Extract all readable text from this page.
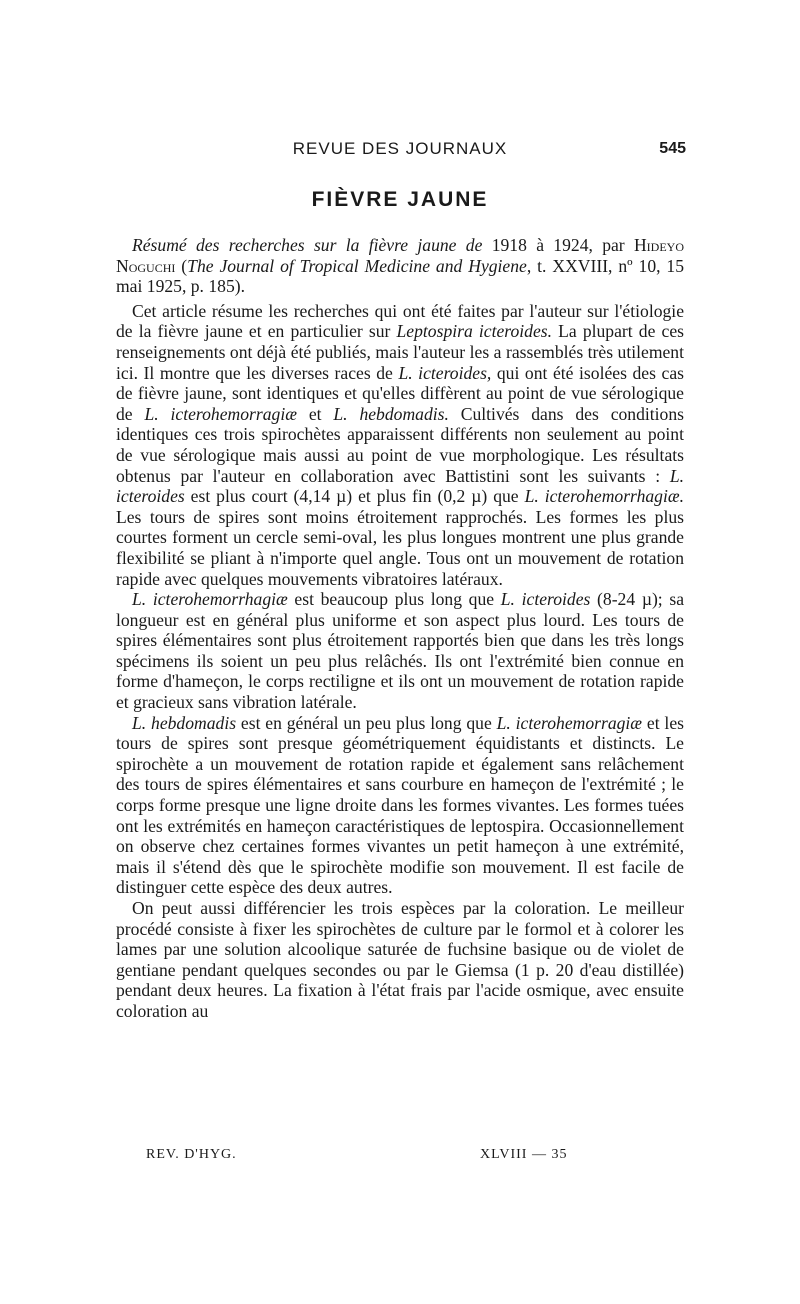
REVUE DES JOURNAUX	545
FIÈVRE JAUNE

Résumé des recherches sur la fièvre jaune de 1918 à 1924, par Hideyo Noguchi (The Journal of Tropical Medicine and Hygiene, t. XXVIII, nº 10, 15 mai 1925, p. 185).

Cet article résume les recherches qui ont été faites par l'auteur sur l'étiologie de la fièvre jaune et en particulier sur Leptospira icteroides. La plupart de ces renseignements ont déjà été publiés, mais l'auteur les a rassemblés très utilement ici. Il montre que les diverses races de L. icteroides, qui ont été isolées des cas de fièvre jaune, sont identiques et qu'elles diffèrent au point de vue sérologique de L. icterohemorragiæ et L. hebdomadis. Cultivés dans des conditions identiques ces trois spirochètes apparaissent différents non seulement au point de vue sérologique mais aussi au point de vue morphologique. Les résultats obtenus par l'auteur en collaboration avec Battistini sont les suivants : L. icteroides est plus court (4,14 µ) et plus fin (0,2 µ) que L. icterohemorrhagiæ. Les tours de spires sont moins étroitement rapprochés. Les formes les plus courtes forment un cercle semi-oval, les plus longues montrent une plus grande flexibilité se pliant à n'importe quel angle. Tous ont un mouvement de rotation rapide avec quelques mouvements vibratoires latéraux.

L. icterohemorrhagiæ est beaucoup plus long que L. icteroides (8-24 µ); sa longueur est en général plus uniforme et son aspect plus lourd. Les tours de spires élémentaires sont plus étroitement rapportés bien que dans les très longs spécimens ils soient un peu plus relâchés. Ils ont l'extrémité bien connue en forme d'hameçon, le corps rectiligne et ils ont un mouvement de rotation rapide et gracieux sans vibration latérale.

L. hebdomadis est en général un peu plus long que L. icterohemorragiæ et les tours de spires sont presque géométriquement équidistants et distincts. Le spirochète a un mouvement de rotation rapide et également sans relâchement des tours de spires élémentaires et sans courbure en hameçon de l'extrémité ; le corps forme presque une ligne droite dans les formes vivantes. Les formes tuées ont les extrémités en hameçon caractéristiques de leptospira. Occasionnellement on observe chez certaines formes vivantes un petit hameçon à une extrémité, mais il s'étend dès que le spirochète modifie son mouvement. Il est facile de distinguer cette espèce des deux autres.

On peut aussi différencier les trois espèces par la coloration. Le meilleur procédé consiste à fixer les spirochètes de culture par le formol et à colorer les lames par une solution alcoolique saturée de fuchsine basique ou de violet de gentiane pendant quelques secondes ou par le Giemsa (1 p. 20 d'eau distillée) pendant deux heures. La fixation à l'état frais par l'acide osmique, avec ensuite coloration au

REV. D'HYG.	XLVIII — 35
